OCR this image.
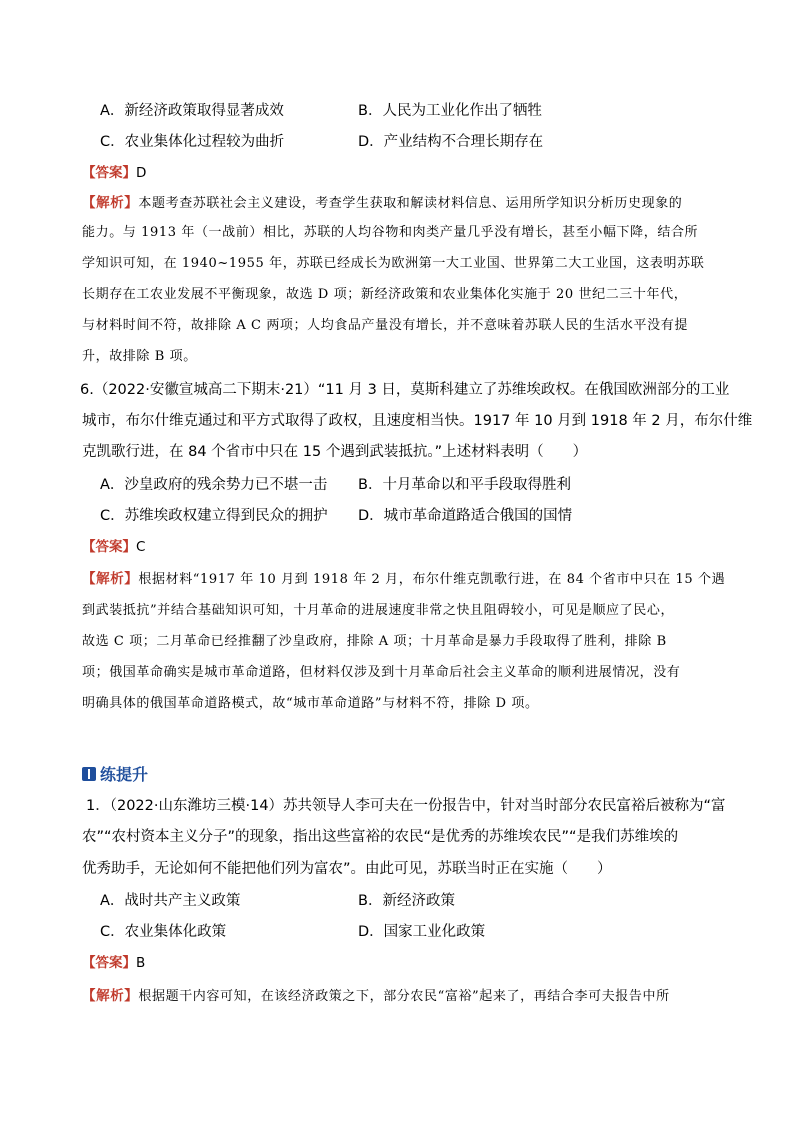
A．新经济政策取得显著成效	B．人民为工业化作出了牺牲
C．农业集体化过程较为曲折	D．产业结构不合理长期存在
【答案】D
【解析】本题考查苏联社会主义建设，考查学生获取和解读材料信息、运用所学知识分析历史现象的
能力。与 1913 年（一战前）相比，苏联的人均谷物和肉类产量几乎没有增长，甚至小幅下降，结合所
学知识可知，在 1940~1955 年，苏联已经成长为欧洲第一大工业国、世界第二大工业国，这表明苏联
长期存在工农业发展不平衡现象，故选 D 项；新经济政策和农业集体化实施于 20 世纪二三十年代，
与材料时间不符，故排除 A C 两项；人均食品产量没有增长，并不意味着苏联人民的生活水平没有提
升，故排除 B 项。
6.（2022·安徽宣城高二下期末·21）“11 月 3 日，莫斯科建立了苏维埃政权。在俄国欧洲部分的工业
城市，布尔什维克通过和平方式取得了政权，且速度相当快。1917 年 10 月到 1918 年 2 月，布尔什维
克凯歌行进，在 84 个省市中只在 15 个遇到武装抵抗。”上述材料表明（　　）
A．沙皇政府的残余势力已不堪一击 B．十月革命以和平手段取得胜利
C．苏维埃政权建立得到民众的拥护 D．城市革命道路适合俄国的国情
【答案】C
【解析】根据材料“1917 年 10 月到 1918 年 2 月，布尔什维克凯歌行进，在 84 个省市中只在 15 个遇
到武装抵抗”并结合基础知识可知，十月革命的进展速度非常之快且阻碍较小，可见是顺应了民心，
故选 C 项；二月革命已经推翻了沙皇政府，排除 A 项；十月革命是暴力手段取得了胜利，排除 B
项；俄国革命确实是城市革命道路，但材料仅涉及到十月革命后社会主义革命的顺利进展情况，没有
明确具体的俄国革命道路模式，故“城市革命道路”与材料不符，排除 D 项。
练提升
1．（2022·山东潍坊三模·14）苏共领导人李可夫在一份报告中，针对当时部分农民富裕后被称为“富
农”“农村资本主义分子”的现象，指出这些富裕的农民“是优秀的苏维埃农民”“是我们苏维埃的
优秀助手，无论如何不能把他们列为富农”。由此可见，苏联当时正在实施（　　）
A．战时共产主义政策	B．新经济政策
C．农业集体化政策	D．国家工业化政策
【答案】B
【解析】根据题干内容可知，在该经济政策之下，部分农民“富裕”起来了，再结合李可夫报告中所
